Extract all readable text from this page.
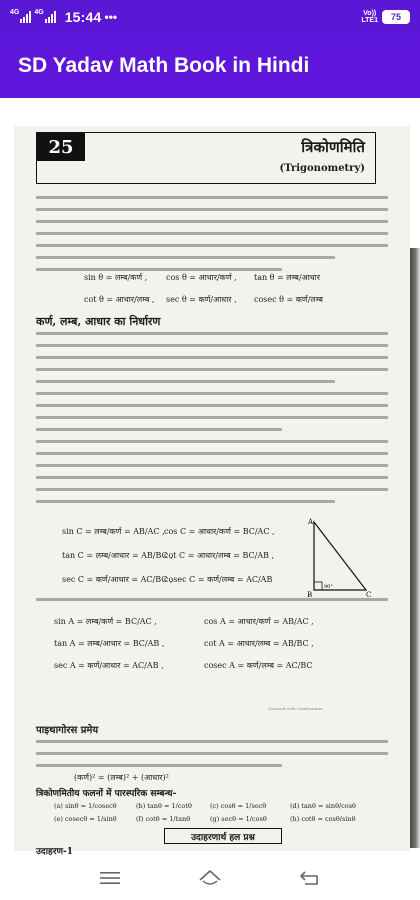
4G 4G 15:44 •••	Vo))
LTE1	75
SD Yadav Math Book in Hindi
25	त्रिकोणमिति
(Trigonometry)
sin θ = लम्ब/कर्ण , cos θ = आधार/कर्ण , tan θ = लम्ब/आधार
cot θ = आधार/लम्ब , sec θ = कर्ण/आधार , cosec θ = कर्ण/लम्ब
कर्ण, लम्ब, आधार का निर्धारण
sin C = लम्ब/कर्ण = AB/AC , cos C = आधार/कर्ण = BC/AC ,
tan C = लम्ब/आधार = AB/BC ,
cot C = आधार/लम्ब = BC/AB ,
sec C = कर्ण/आधार = AC/BC ,
cosec C = कर्ण/लम्ब = AC/AB
A
B	C
90°
sin A = लम्ब/कर्ण = BC/AC ,	cos A = आधार/कर्ण = AB/AC ,
tan A = लम्ब/आधार = BC/AB ,	cot A = आधार/लम्ब = AB/BC ,
sec A = कर्ण/आधार = AC/AB ,	cosec A = कर्ण/लम्ब = AC/BC
Scanned with CamScanner
पाइथागोरस प्रमेय
(कर्ण)² = (लम्ब)² + (आधार)²
त्रिकोणमितीय फलनों में पारस्परिक सम्बन्ध-
(a) sinθ = 1/cosecθ	(b) tanθ = 1/cotθ	(c) cosθ = 1/secθ	(d) tanθ = sinθ/cosθ
(e) cosecθ = 1/sinθ	(f) cotθ = 1/tanθ	(g) secθ = 1/cosθ	(h) cotθ = cosθ/sinθ
उदाहरणार्थ हल प्रश्न
उदाहरण-1
